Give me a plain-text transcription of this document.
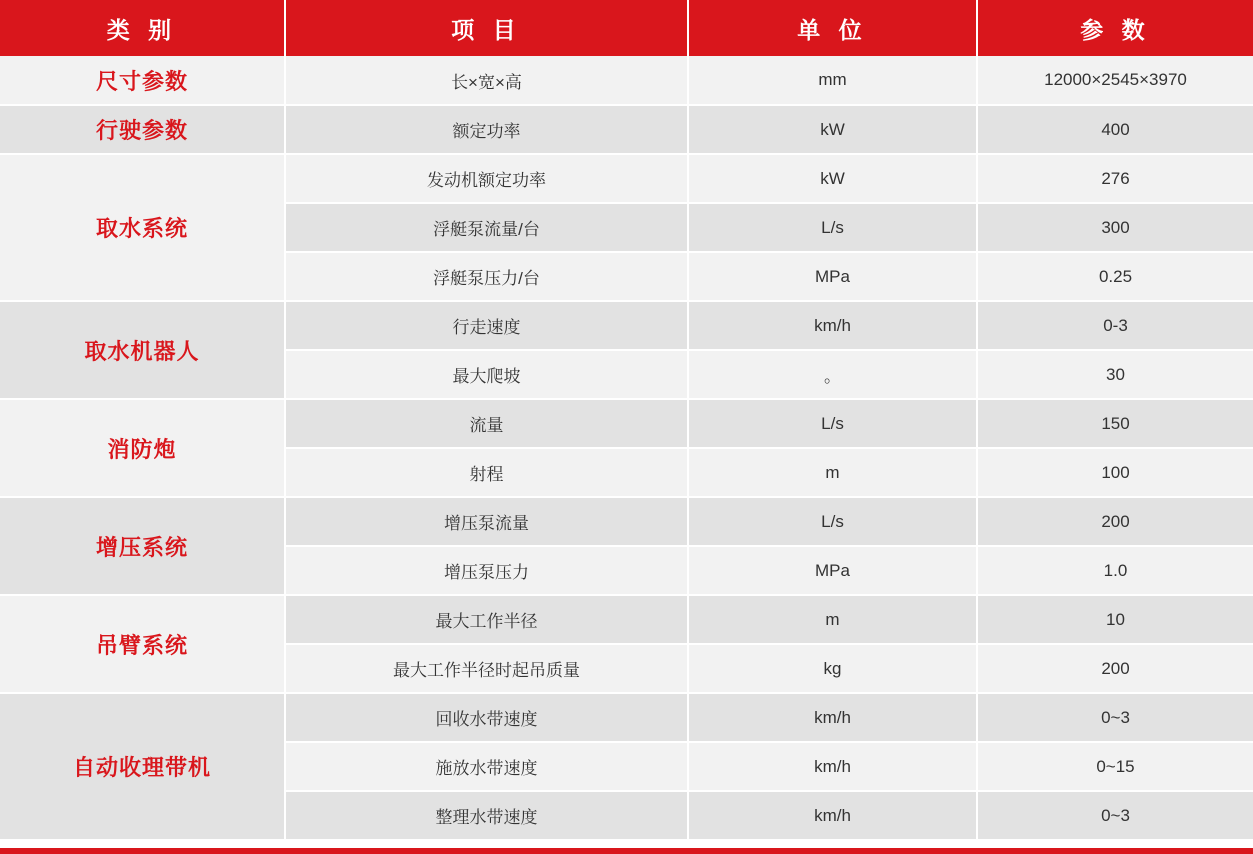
类 别	项 目	单 位	参 数
尺寸参数	长×宽×高	mm	12000×2545×3970
行驶参数	额定功率	kW	400
取水系统	发动机额定功率	kW	276
	浮艇泵流量/台	L/s	300
	浮艇泵压力/台	MPa	0.25
取水机器人	行走速度	km/h	0-3
	最大爬坡	。	30
消防炮	流量	L/s	150
	射程	m	100
增压系统	增压泵流量	L/s	200
	增压泵压力	MPa	1.0
吊臂系统	最大工作半径	m	10
	最大工作半径时起吊质量	kg	200
自动收理带机	回收水带速度	km/h	0~3
	施放水带速度	km/h	0~15
	整理水带速度	km/h	0~3
